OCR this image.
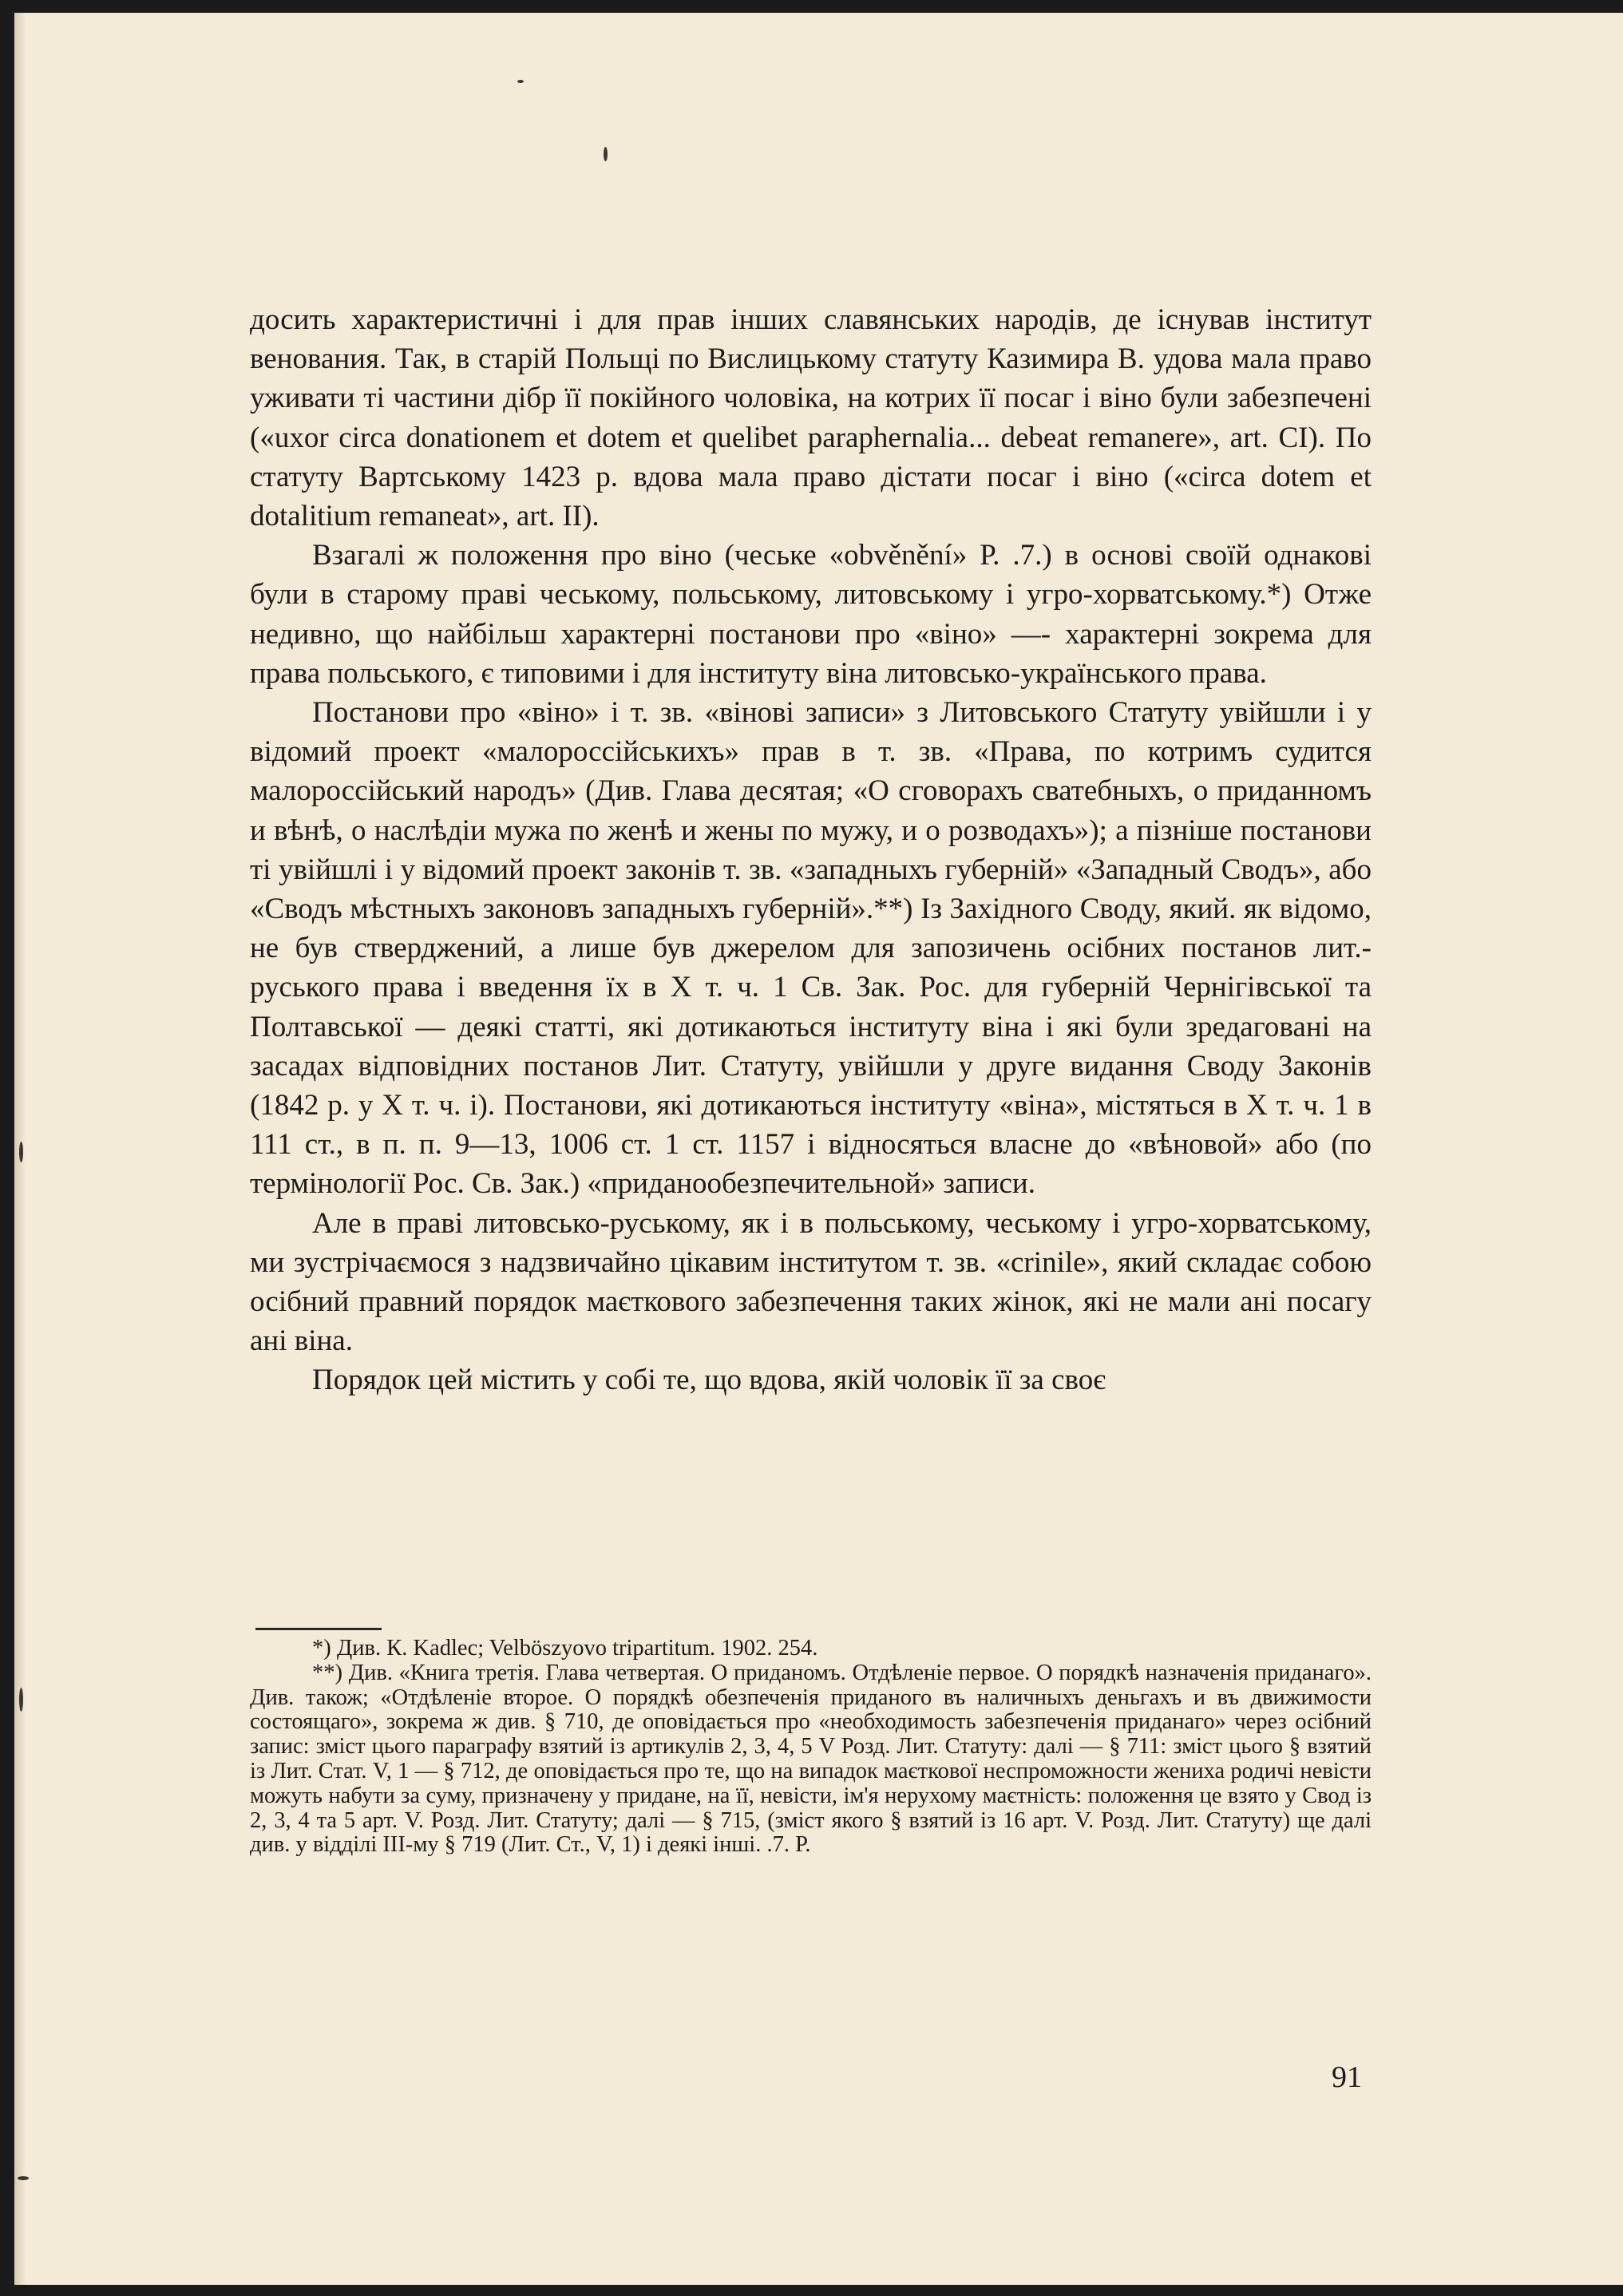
досить характеристичні і для прав інших славянських народів, де існував інститут венования. Так, в старій Польщі по Вислицькому статуту Казимира В. удова мала право уживати ті частини дібр її покійного чоловіка, на котрих її посаг і віно були забезпечені («uxor circa donationem et dotem et quelibet paraphernalia... debeat remanere», art. CI). По статуту Вартському 1423 р. вдова мала право дістати посаг і віно («circa dotem et dotalitium remaneat», art. II).

Взагалі ж положення про віно (чеське «obvěnění» Р. .7.) в основі своїй однакові були в старому праві чеському, польському, литовському і угро-хорватському.*) Отже недивно, що найбільш характерні постанови про «віно» —- характерні зокрема для права польського, є типовими і для інституту віна литовсько-українського права.

Постанови про «віно» і т. зв. «вінові записи» з Литовського Статуту увійшли і у відомий проект «малороссійськихъ» прав в т. зв. «Права, по котримъ судится малороссійський народъ» (Див. Глава десятая; «О сговорахъ сватебныхъ, о приданномъ и вѣнѣ, о наслѣдіи мужа по женѣ и жены по мужу, и о розводахъ»); а пізніше постанови ті увійшлі і у відомий проект законів т. зв. «западныхъ губерній» «Западный Сводъ», або «Сводъ мѣстныхъ законовъ западныхъ губерній».**) Із Західного Своду, який. як відомо, не був стверджений, а лише був джерелом для запозичень осібних постанов лит.-руського права і введення їх в X т. ч. 1 Св. Зак. Рос. для губерній Чернігівської та Полтавської — деякі статті, які дотикаються інституту віна і які були зредаговані на засадах відповідних постанов Лит. Статуту, увійшли у друге видання Своду Законів (1842 р. у X т. ч. і). Постанови, які дотикаються інституту «віна», містяться в X т. ч. 1 в 111 ст., в п. п. 9—13, 1006 ст. 1 ст. 1157 і відносяться власне до «вѣновой» або (по термінології Рос. Св. Зак.) «приданообезпечительной» записи.

Але в праві литовсько-руському, як і в польському, чеському і угро-хорватському, ми зустрічаємося з надзвичайно цікавим інститутом т. зв. «crinile», який складає собою осібний правний порядок маєткового забезпечення таких жінок, які не мали ані посагу ані віна.

Порядок цей містить у собі те, що вдова, якій чоловік її за своє

*) Див. К. Kadlec; Velböszyovo tripartitum. 1902. 254.

**) Див. «Книга третія. Глава четвертая. О приданомъ. Отдѣленіе первое. О порядкѣ назначенія приданаго». Див. також; «Отдѣленіе второе. О порядкѣ обезпеченія приданого въ наличныхъ деньгахъ и въ движимости состоящаго», зокрема ж див. § 710, де оповідається про «необходимость забезпеченія приданаго» через осібний запис: зміст цього параграфу взятий із артикулів 2, 3, 4, 5 V Розд. Лит. Статуту: далі — § 711: зміст цього § взятий із Лит. Стат. V, 1 — § 712, де оповідається про те, що на випадок маєткової неспроможности жениха родичі невісти можуть набути за суму, призначену у придане, на її, невісти, ім'я нерухому маєтність: положення це взято у Свод із 2, 3, 4 та 5 арт. V. Розд. Лит. Статуту; далі — § 715, (зміст якого § взятий із 16 арт. V. Розд. Лит. Статуту) ще далі див. у відділі III-му § 719 (Лит. Ст., V, 1) і деякі інші. .7. Р.

91
